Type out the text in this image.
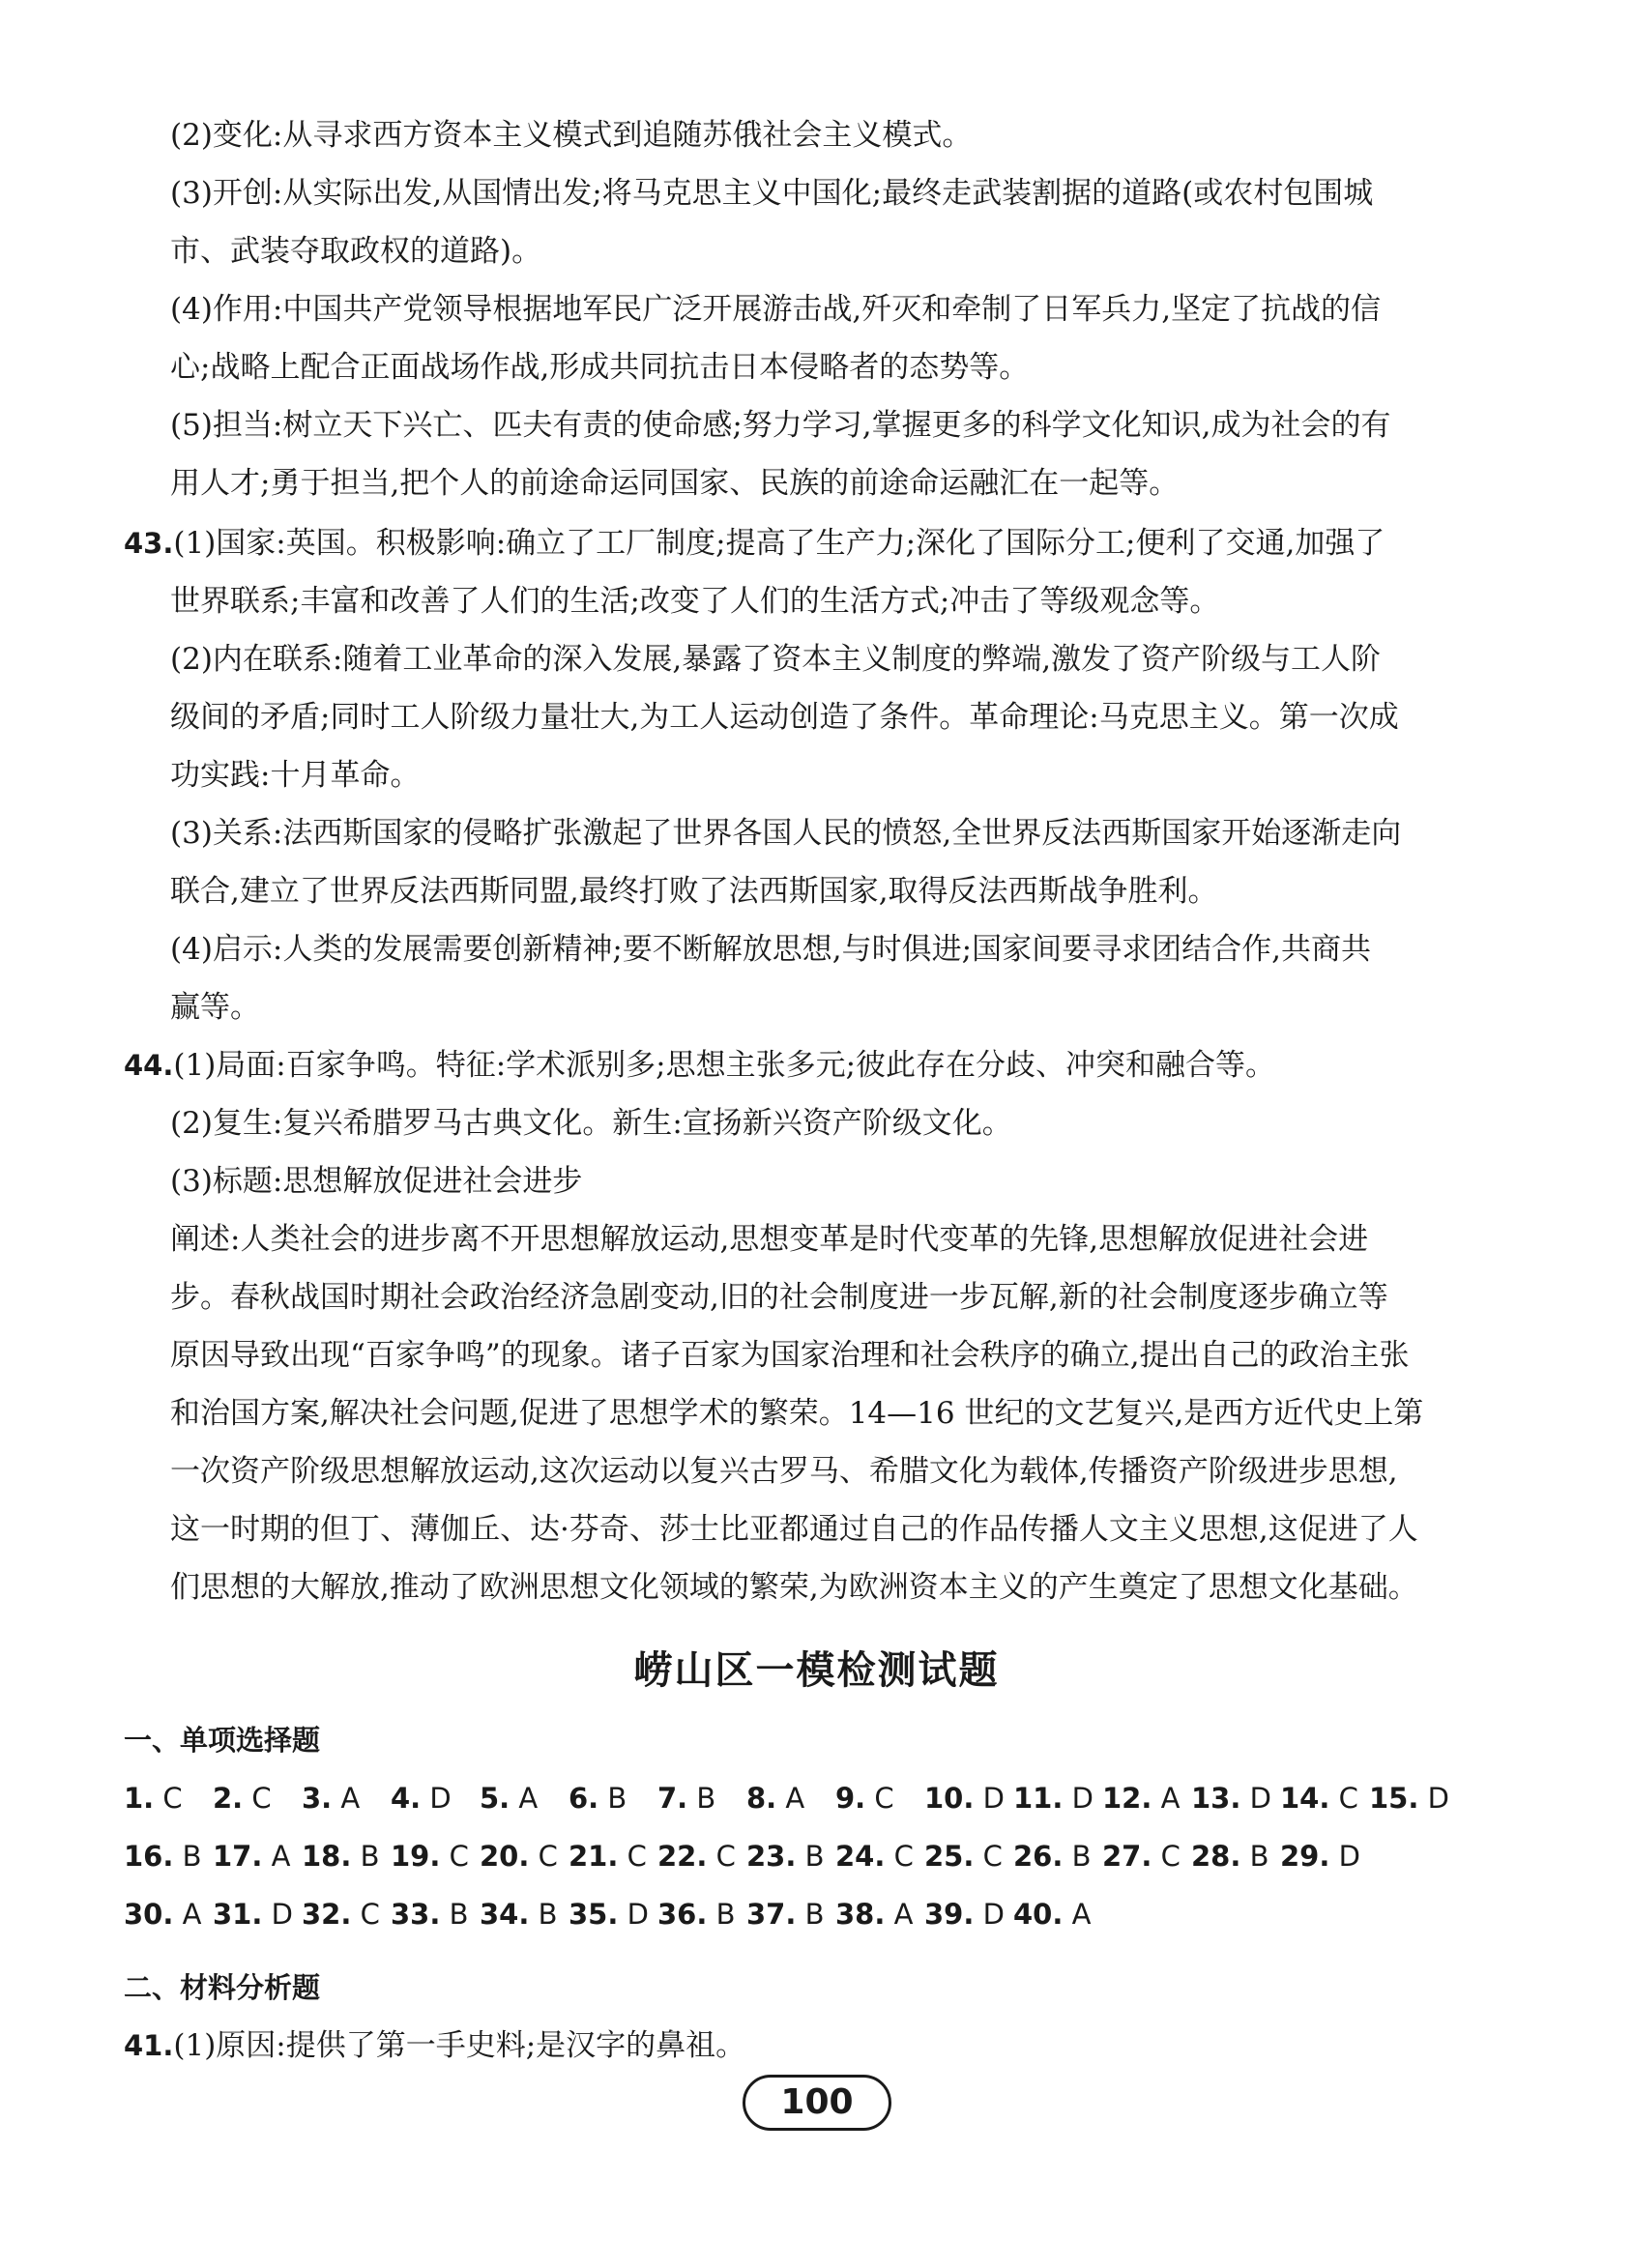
(2)变化:从寻求西方资本主义模式到追随苏俄社会主义模式。
(3)开创:从实际出发,从国情出发;将马克思主义中国化;最终走武装割据的道路(或农村包围城
市、武装夺取政权的道路)。
(4)作用:中国共产党领导根据地军民广泛开展游击战,歼灭和牵制了日军兵力,坚定了抗战的信
心;战略上配合正面战场作战,形成共同抗击日本侵略者的态势等。
(5)担当:树立天下兴亡、匹夫有责的使命感;努力学习,掌握更多的科学文化知识,成为社会的有
用人才;勇于担当,把个人的前途命运同国家、民族的前途命运融汇在一起等。
43.(1)国家:英国。积极影响:确立了工厂制度;提高了生产力;深化了国际分工;便利了交通,加强了
世界联系;丰富和改善了人们的生活;改变了人们的生活方式;冲击了等级观念等。
(2)内在联系:随着工业革命的深入发展,暴露了资本主义制度的弊端,激发了资产阶级与工人阶
级间的矛盾;同时工人阶级力量壮大,为工人运动创造了条件。革命理论:马克思主义。第一次成
功实践:十月革命。
(3)关系:法西斯国家的侵略扩张激起了世界各国人民的愤怒,全世界反法西斯国家开始逐渐走向
联合,建立了世界反法西斯同盟,最终打败了法西斯国家,取得反法西斯战争胜利。
(4)启示:人类的发展需要创新精神;要不断解放思想,与时俱进;国家间要寻求团结合作,共商共
赢等。
44.(1)局面:百家争鸣。特征:学术派别多;思想主张多元;彼此存在分歧、冲突和融合等。
(2)复生:复兴希腊罗马古典文化。新生:宣扬新兴资产阶级文化。
(3)标题:思想解放促进社会进步
阐述:人类社会的进步离不开思想解放运动,思想变革是时代变革的先锋,思想解放促进社会进
步。春秋战国时期社会政治经济急剧变动,旧的社会制度进一步瓦解,新的社会制度逐步确立等
原因导致出现“百家争鸣”的现象。诸子百家为国家治理和社会秩序的确立,提出自己的政治主张
和治国方案,解决社会问题,促进了思想学术的繁荣。14—16 世纪的文艺复兴,是西方近代史上第
一次资产阶级思想解放运动,这次运动以复兴古罗马、希腊文化为载体,传播资产阶级进步思想,
这一时期的但丁、薄伽丘、达·芬奇、莎士比亚都通过自己的作品传播人文主义思想,这促进了人
们思想的大解放,推动了欧洲思想文化领域的繁荣,为欧洲资本主义的产生奠定了思想文化基础。
崂山区一模检测试题
一、单项选择题
1. C 2. C 3. A 4. D 5. A 6. B 7. B 8. A 9. C 10. D 11. D 12. A 13. D 14. C 15. D
16. B 17. A 18. B 19. C 20. C 21. C 22. C 23. B 24. C 25. C 26. B 27. C 28. B 29. D
30. A 31. D 32. C 33. B 34. B 35. D 36. B 37. B 38. A 39. D 40. A
二、材料分析题
41.(1)原因:提供了第一手史料;是汉字的鼻祖。
100
